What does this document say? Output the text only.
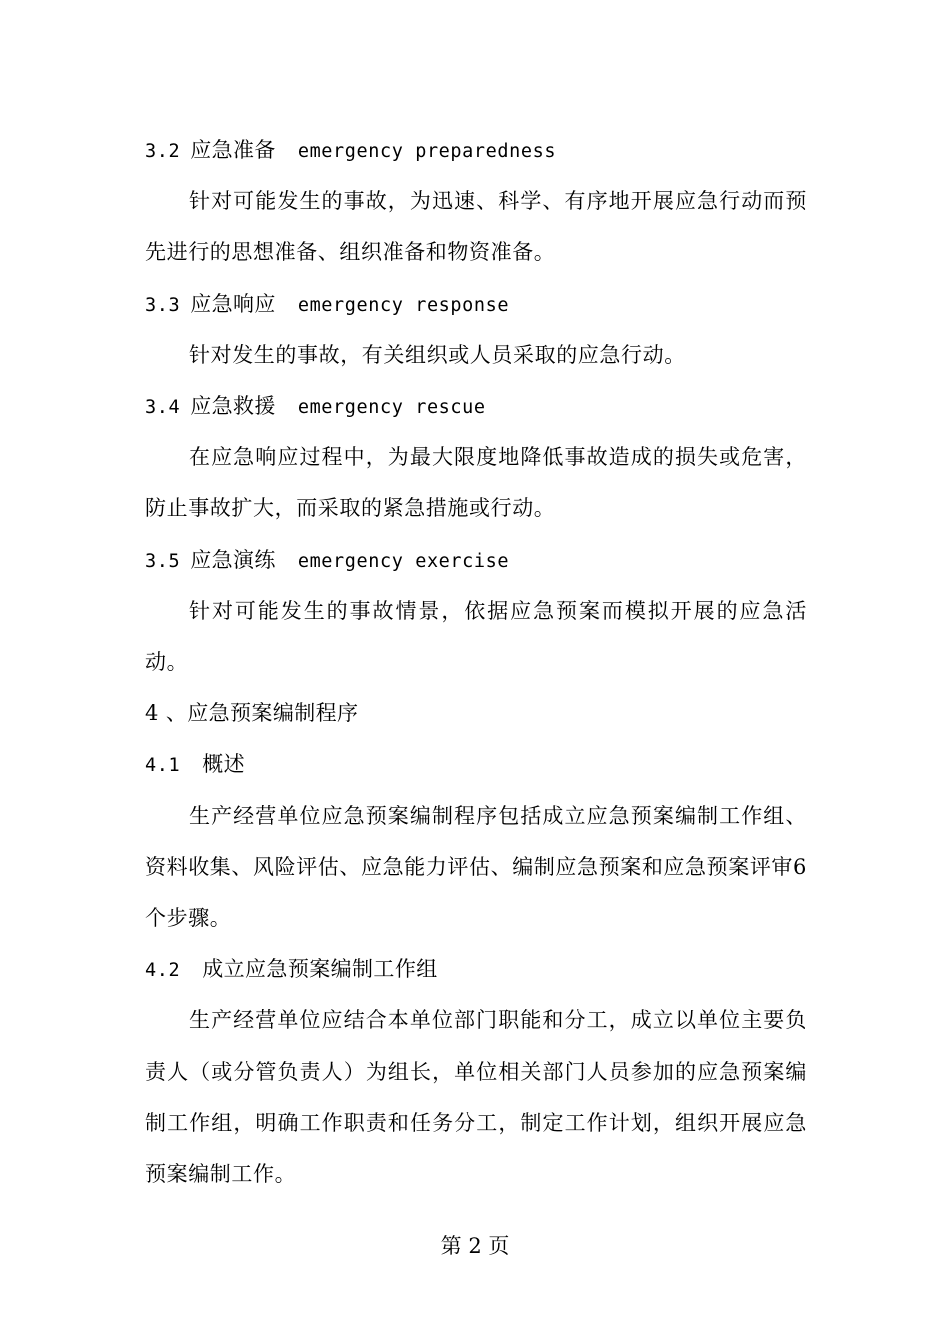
3.2 应急准备 emergency preparedness
针对可能发生的事故，为迅速、科学、有序地开展应急行动而预先进行的思想准备、组织准备和物资准备。
3.3 应急响应 emergency response
针对发生的事故，有关组织或人员采取的应急行动。
3.4 应急救援 emergency rescue
在应急响应过程中，为最大限度地降低事故造成的损失或危害，防止事故扩大，而采取的紧急措施或行动。
3.5 应急演练 emergency exercise
针对可能发生的事故情景，依据应急预案而模拟开展的应急活动。
4 、应急预案编制程序
4.1 概述
生产经营单位应急预案编制程序包括成立应急预案编制工作组、资料收集、风险评估、应急能力评估、编制应急预案和应急预案评审6个步骤。
4.2 成立应急预案编制工作组
生产经营单位应结合本单位部门职能和分工，成立以单位主要负责人（或分管负责人）为组长，单位相关部门人员参加的应急预案编制工作组，明确工作职责和任务分工，制定工作计划，组织开展应急预案编制工作。
第 2 页
